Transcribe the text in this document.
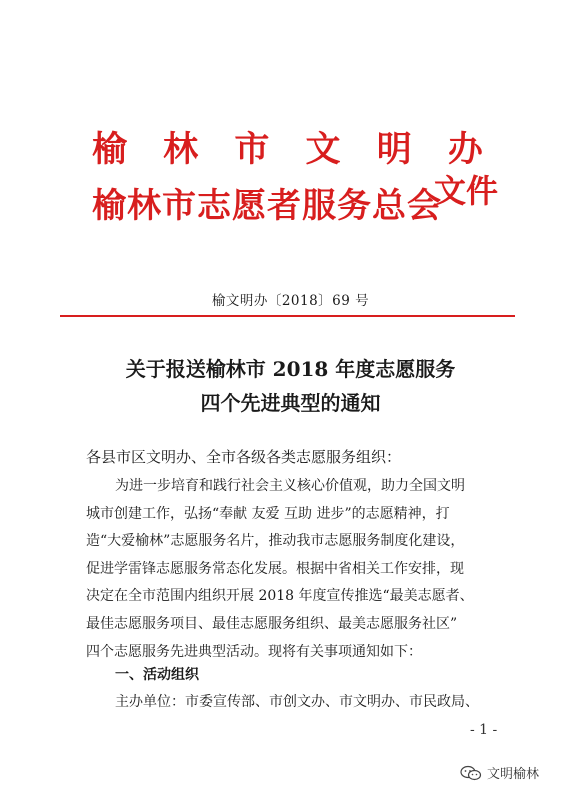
榆 林 市 文 明 办
榆林市志愿者服务总会
文件
榆文明办〔2018〕69 号
关于报送榆林市 2018 年度志愿服务
四个先进典型的通知
各县市区文明办、全市各级各类志愿服务组织：
为进一步培育和践行社会主义核心价值观，助力全国文明
城市创建工作，弘扬“奉献 友爱 互助 进步”的志愿精神，打
造“大爱榆林”志愿服务名片，推动我市志愿服务制度化建设，
促进学雷锋志愿服务常态化发展。根据中省相关工作安排，现
决定在全市范围内组织开展 2018 年度宣传推选“最美志愿者、
最佳志愿服务项目、最佳志愿服务组织、最美志愿服务社区”
四个志愿服务先进典型活动。现将有关事项通知如下：
一、活动组织
主办单位：市委宣传部、市创文办、市文明办、市民政局、
- 1 -
文明榆林
